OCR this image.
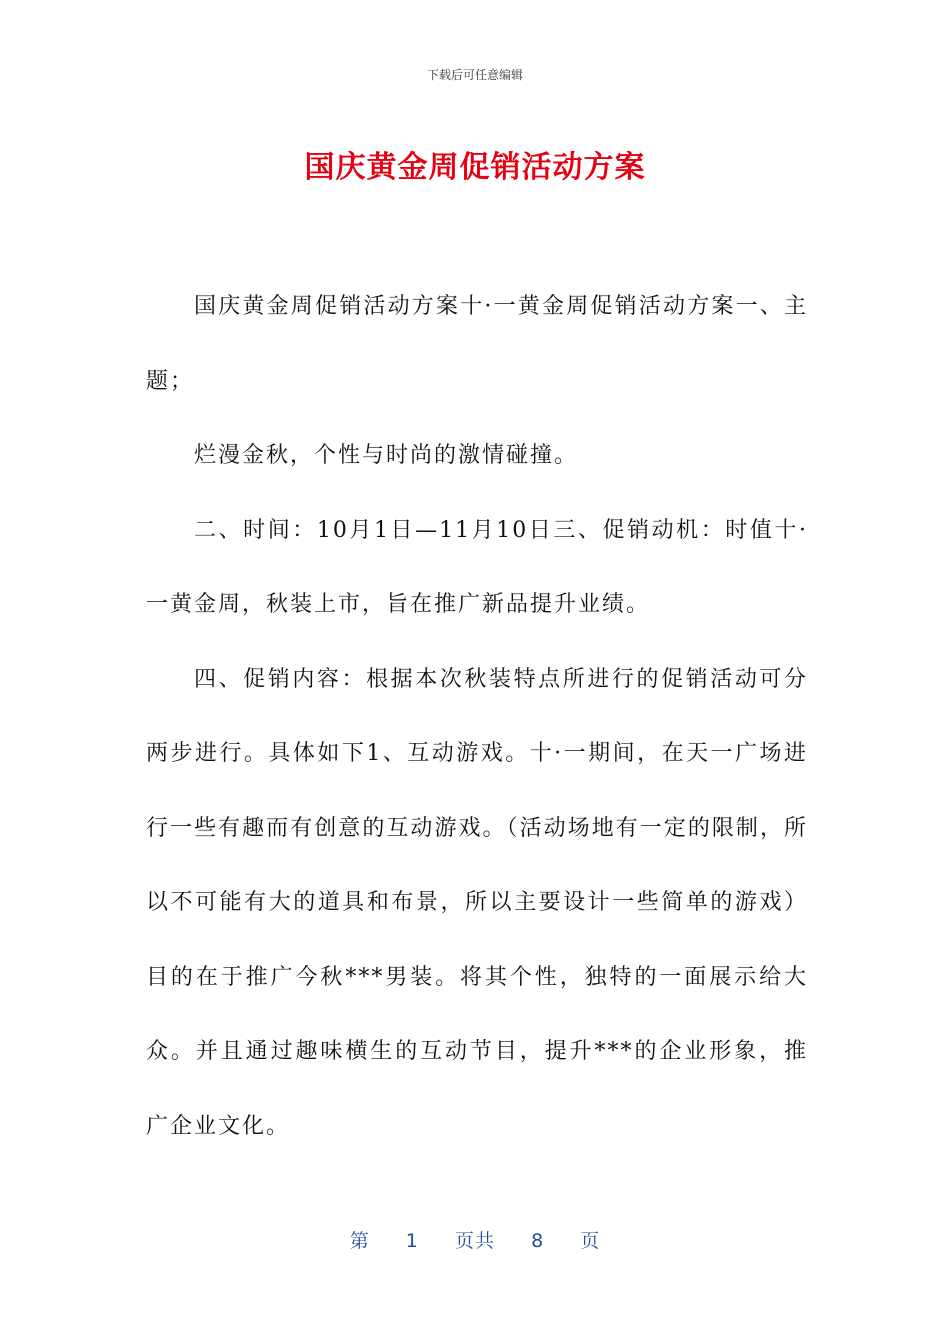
下载后可任意编辑
国庆黄金周促销活动方案

国庆黄金周促销活动方案十·一黄金周促销活动方案一、主题；

烂漫金秋，个性与时尚的激情碰撞。

二、时间：10月1日—11月10日三、促销动机：时值十·一黄金周，秋装上市，旨在推广新品提升业绩。

四、促销内容：根据本次秋装特点所进行的促销活动可分两步进行。具体如下1、互动游戏。十·一期间，在天一广场进行一些有趣而有创意的互动游戏。（活动场地有一定的限制，所以不可能有大的道具和布景，所以主要设计一些简单的游戏）目的在于推广今秋***男装。将其个性，独特的一面展示给大众。并且通过趣味横生的互动节目，提升***的企业形象，推广企业文化。

第 1 页共 8 页
